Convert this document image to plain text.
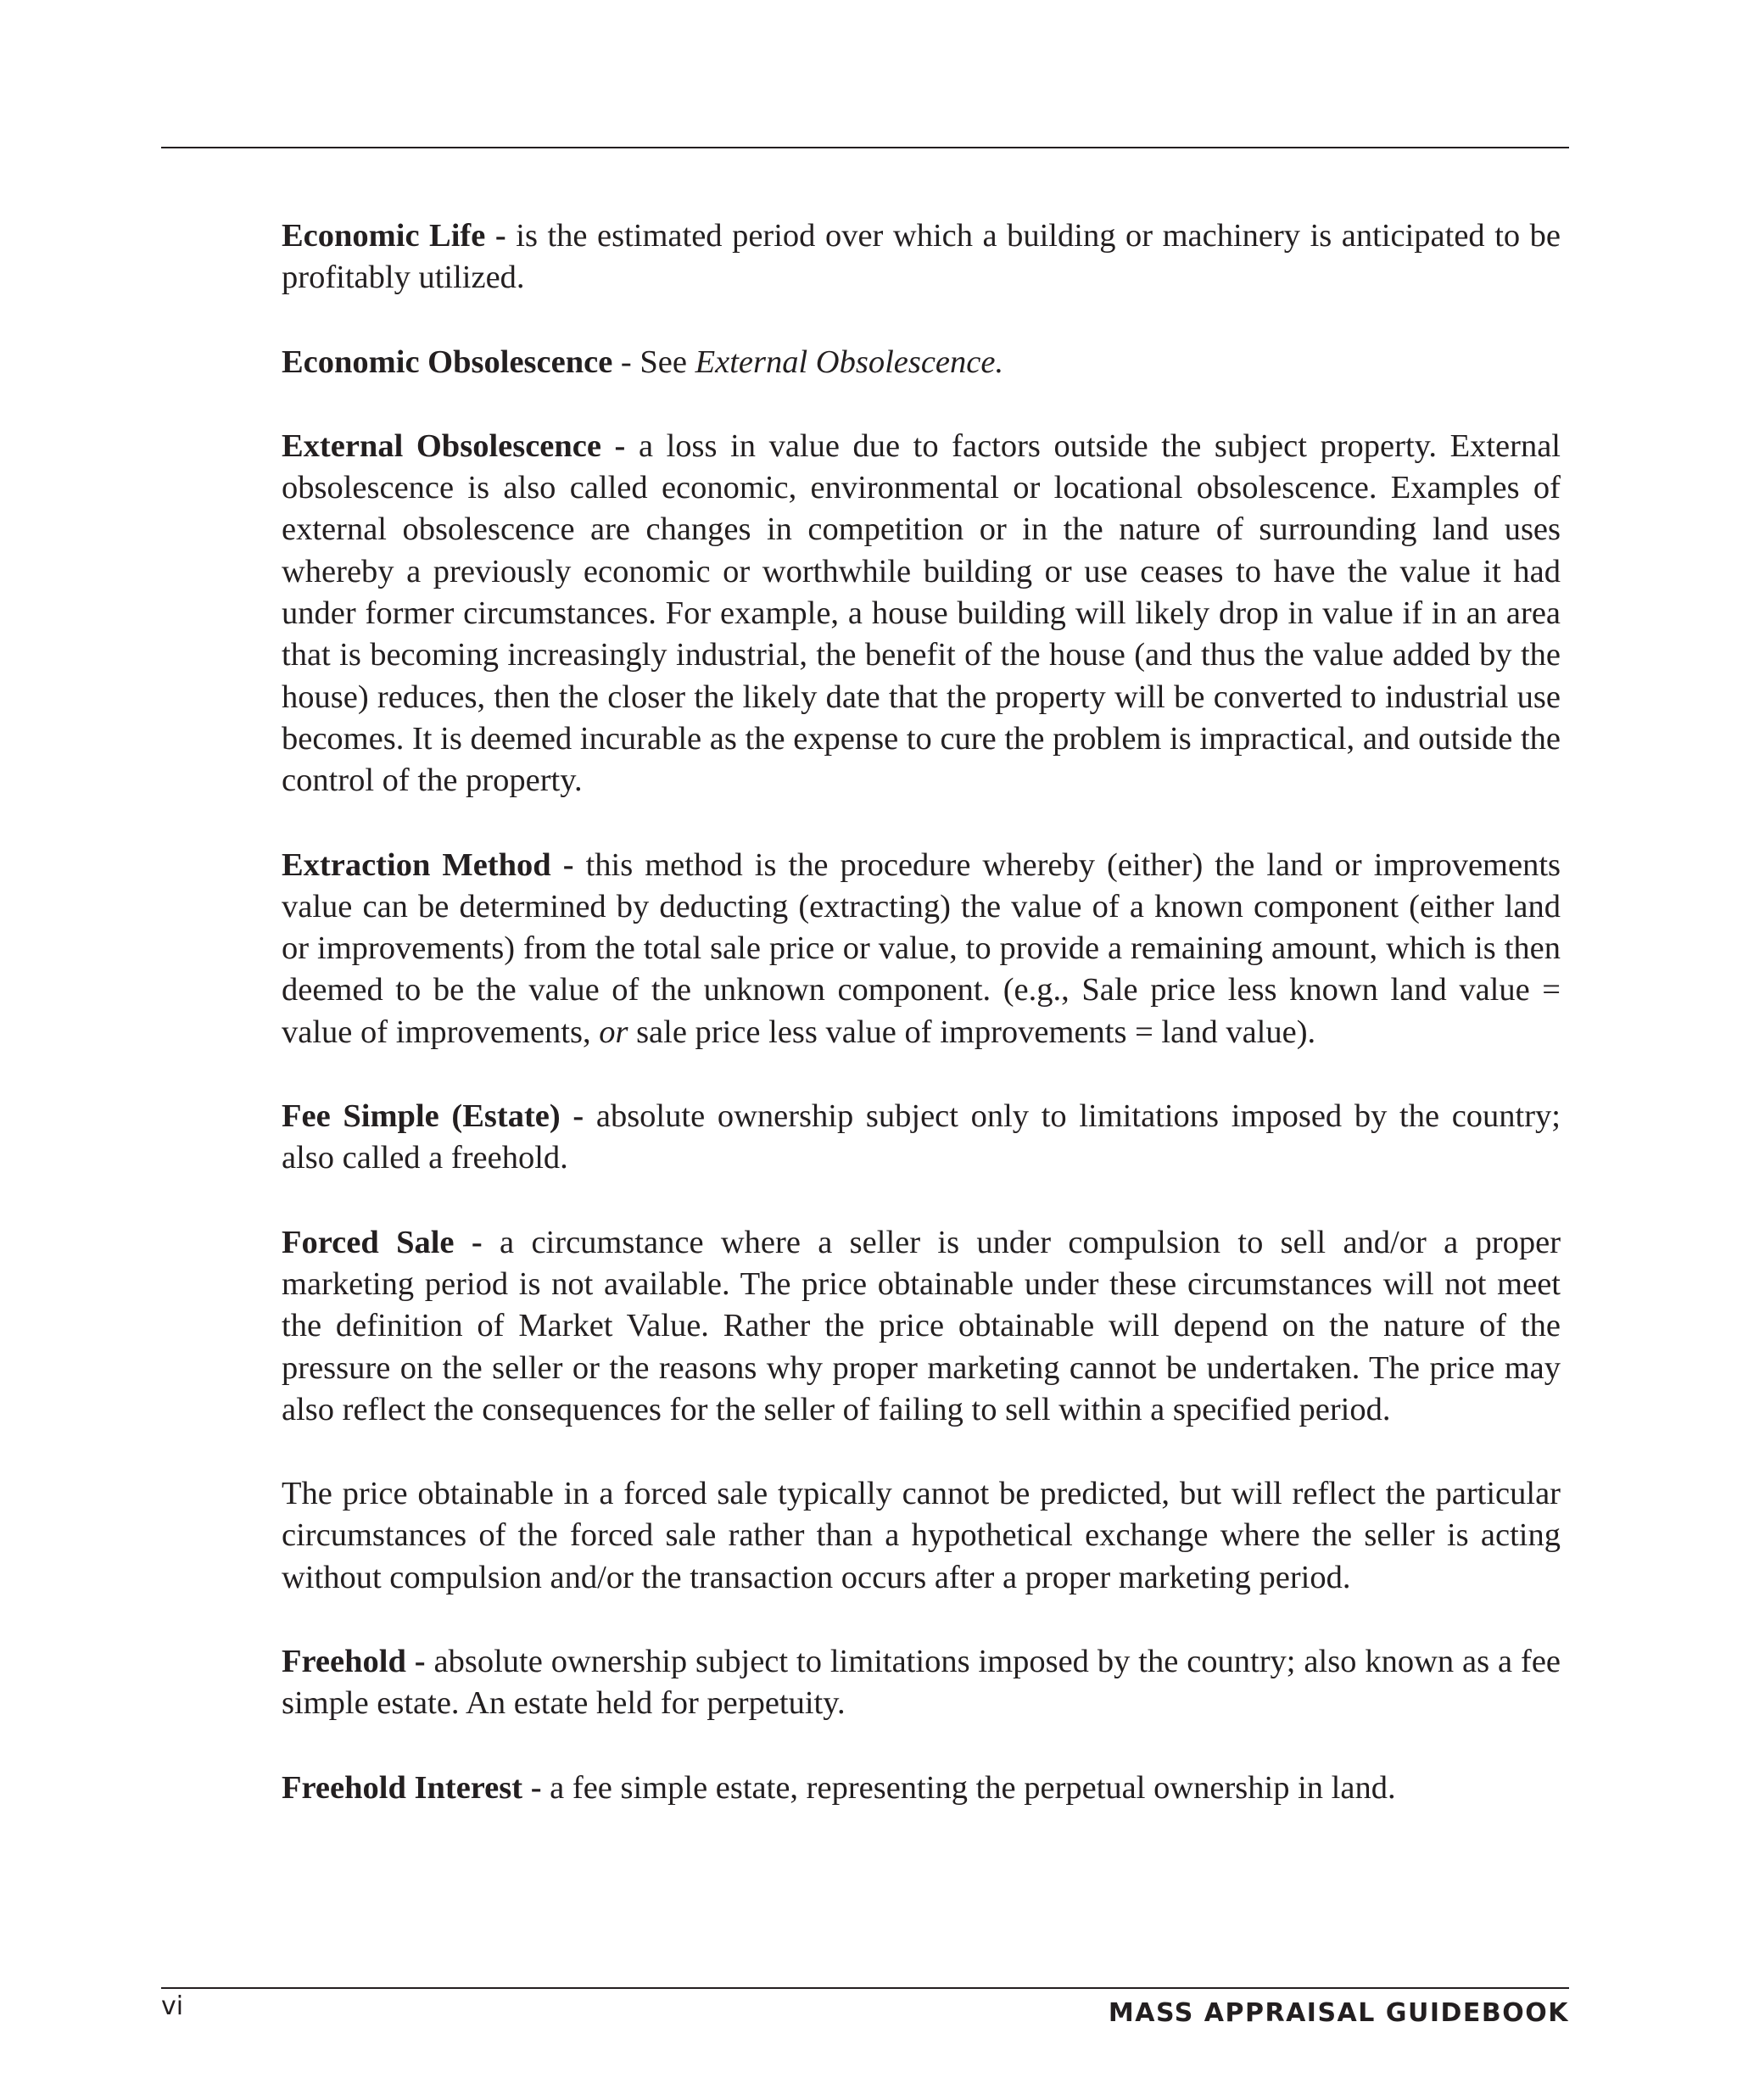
Economic Life - is the estimated period over which a building or machinery is anticipated to be profitably utilized.

Economic Obsolescence - See External Obsolescence.

External Obsolescence - a loss in value due to factors outside the subject property. External obsolescence is also called economic, environmental or locational obsolescence. Examples of external obsolescence are changes in competition or in the nature of surrounding land uses whereby a previously economic or worthwhile building or use ceases to have the value it had under former circumstances. For example, a house building will likely drop in value if in an area that is becoming increasingly industrial, the benefit of the house (and thus the value added by the house) reduces, then the closer the likely date that the property will be converted to industrial use becomes. It is deemed incurable as the expense to cure the problem is impractical, and outside the control of the property.

Extraction Method - this method is the procedure whereby (either) the land or improvements value can be determined by deducting (extracting) the value of a known component (either land or improvements) from the total sale price or value, to provide a remaining amount, which is then deemed to be the value of the unknown component. (e.g., Sale price less known land value = value of improvements, or sale price less value of improvements = land value).

Fee Simple (Estate) - absolute ownership subject only to limitations imposed by the country; also called a freehold.

Forced Sale - a circumstance where a seller is under compulsion to sell and/or a proper marketing period is not available. The price obtainable under these circumstances will not meet the definition of Market Value. Rather the price obtainable will depend on the nature of the pressure on the seller or the reasons why proper marketing cannot be undertaken. The price may also reflect the consequences for the seller of failing to sell within a specified period.

The price obtainable in a forced sale typically cannot be predicted, but will reflect the particular circumstances of the forced sale rather than a hypothetical exchange where the seller is acting without compulsion and/or the transaction occurs after a proper marketing period.

Freehold - absolute ownership subject to limitations imposed by the country; also known as a fee simple estate. An estate held for perpetuity.

Freehold Interest - a fee simple estate, representing the perpetual ownership in land.

vi	MASS APPRAISAL GUIDEBOOK
